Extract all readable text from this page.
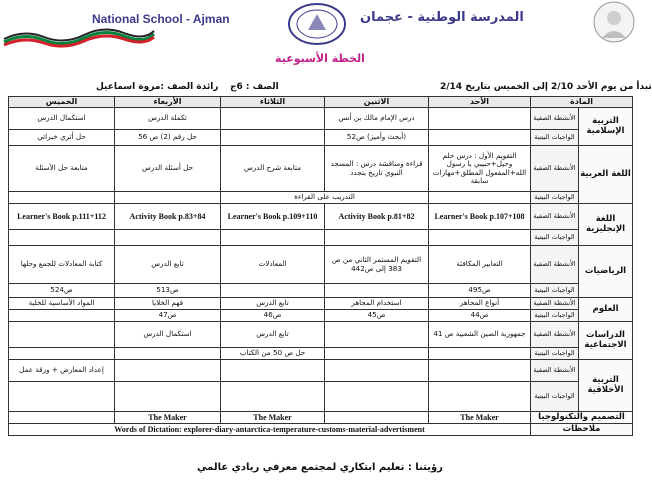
National School - Ajman	المدرسة الوطنية - عجمان
الخطة الأسبوعية
تبدأ من يوم الأحد 2/10 إلى الخميس بتاريخ 2/14
الصف : 6ج
رائدة الصف :مروة اسماعيل
المادة		الأحد	الاثنين	الثلاثاء	الأربعاء	الخميس
التربية الإسلامية	الأنشطة الصفية		درس الإمام مالك بن أنس		تكملة الدرس	استكمال الدرس
	الواجبات البيتية		(أبحث وأميز) ص52		حل رقم (2) ص 56	حل أثري خبراتي
اللغة العربية	الأنشطة الصفية	التقويم الأول : درس حلم وحيل+حبيبي يا رسول الله+المفعول المطلق+مهارات سابقة	قراءة ومناقشة درس : المسجد النبوي تاريخ يتجدد	متابعة شرح الدرس	حل أسئلة الدرس	متابعة حل الأسئلة
	الواجبات البيتية		التدريب على القراءة			
اللغة الإنجليزية	الأنشطة الصفية	Learner's Book p.107+108	Activity Book p.81+82	Learner's Book p.109+110	Activity Book p.83+84	Learner's Book p.111+112
	الواجبات البيتية					
الرياضيات	الأنشطة الصفية	التعابير المكافئة	التقويم المستمر الثاني من ص 383 إلى ص442	المعادلات	تابع الدرس	كتابة المعادلات للجمع وحلها
	الواجبات البيتية	ص495			ص513	ص524
العلوم	الأنشطة الصفية	أنواع المجاهر	استخدام المجاهر	تابع الدرس	فهم الخلايا	المواد الأساسية للخلية
	الواجبات البيتية	ص44	ص45	ص46	ص47	
الدراسات الاجتماعية	الأنشطة الصفية	جمهورية الصين الشعبية ص 41		تابع الدرس	استكمال الدرس	
	الواجبات البيتية			حل ص 50 من الكتاب		
التربية الأخلاقية	الأنشطة الصفية					إعداد المعارض + ورقة عمل
	الواجبات البيتية					
التصميم والتكنولوجيا		The Maker		The Maker	The Maker	
ملاحظات		Words of Dictation: explorer-diary-antarctica-temperature-customs-material-advertisment				
رؤيتنا : تعليم ابتكاري لمجتمع معرفي ريادي عالمي
